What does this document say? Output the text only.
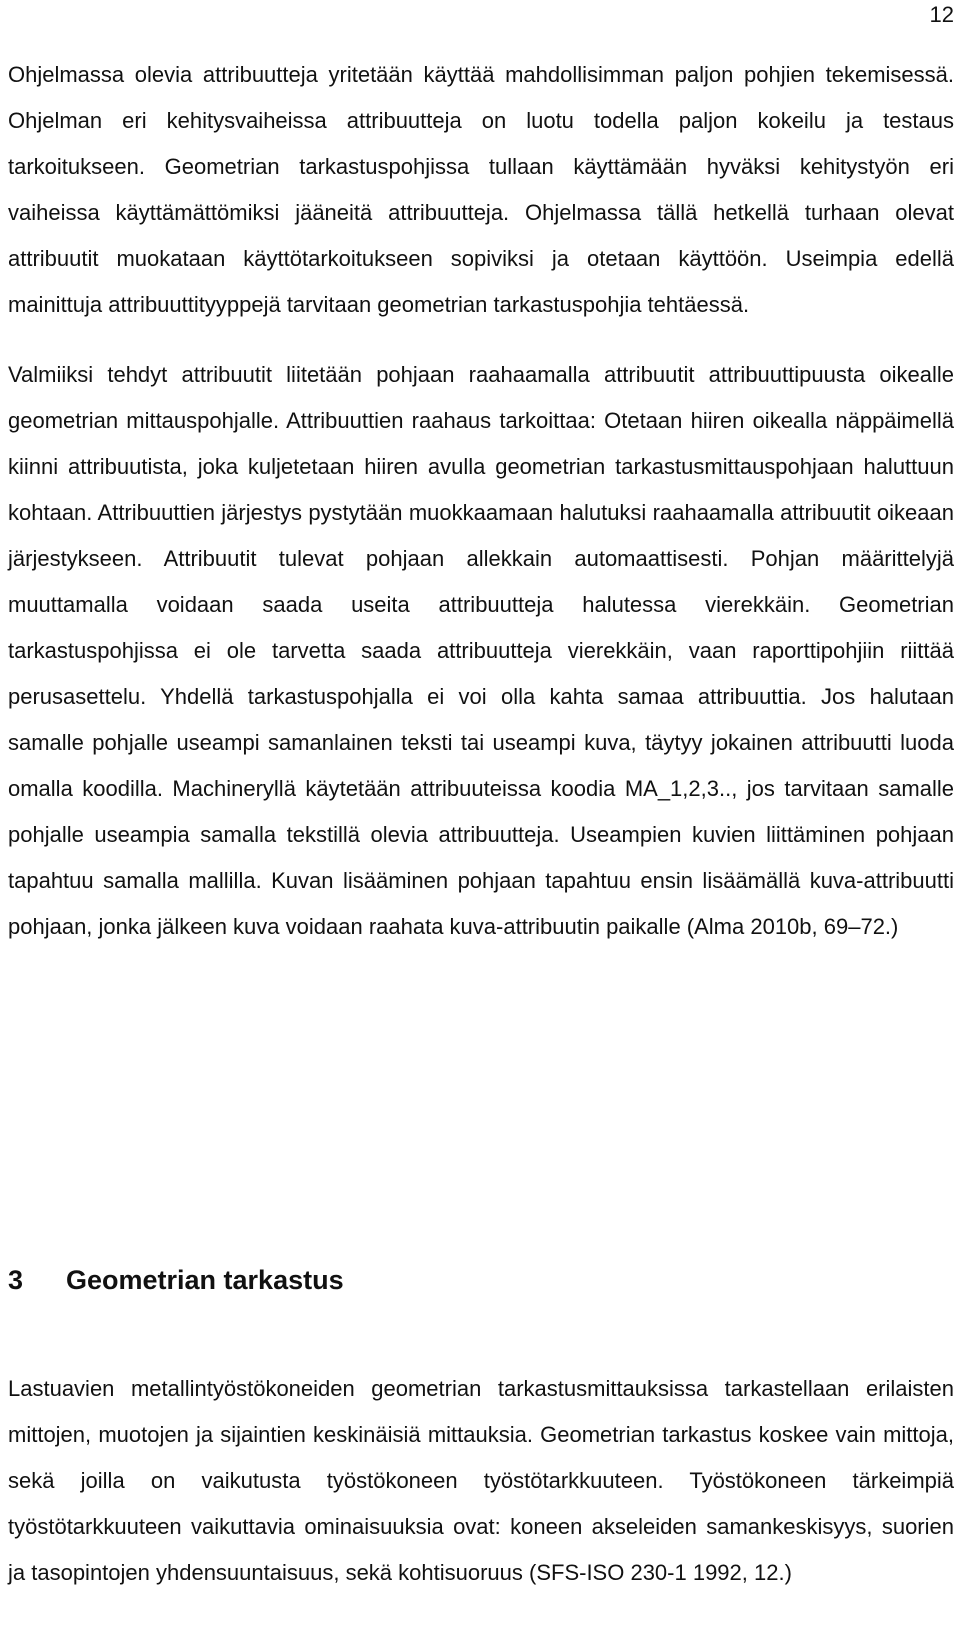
12

Ohjelmassa olevia attribuutteja yritetään käyttää mahdollisimman paljon pohjien tekemisessä. Ohjelman eri kehitysvaiheissa attribuutteja on luotu todella paljon kokeilu ja testaus tarkoitukseen. Geometrian tarkastuspohjissa tullaan käyttämään hyväksi kehitystyön eri vaiheissa käyttämättömiksi jääneitä attribuutteja. Ohjelmassa tällä hetkellä turhaan olevat attribuutit muokataan käyttötarkoitukseen sopiviksi ja otetaan käyttöön. Useimpia edellä mainittuja attribuuttityyppejä tarvitaan geometrian tarkastuspohjia tehtäessä.

Valmiiksi tehdyt attribuutit liitetään pohjaan raahaamalla attribuutit attribuuttipuusta oikealle geometrian mittauspohjalle. Attribuuttien raahaus tarkoittaa: Otetaan hiiren oikealla näppäimellä kiinni attribuutista, joka kuljetetaan hiiren avulla geometrian tarkastusmittauspohjaan haluttuun kohtaan. Attribuuttien järjestys pystytään muokkaamaan halutuksi raahaamalla attribuutit oikeaan järjestykseen. Attribuutit tulevat pohjaan allekkain automaattisesti. Pohjan määrittelyjä muuttamalla voidaan saada useita attribuutteja halutessa vierekkäin. Geometrian tarkastuspohjissa ei ole tarvetta saada attribuutteja vierekkäin, vaan raporttipohjiin riittää perusasettelu. Yhdellä tarkastuspohjalla ei voi olla kahta samaa attribuuttia. Jos halutaan samalle pohjalle useampi samanlainen teksti tai useampi kuva, täytyy jokainen attribuutti luoda omalla koodilla. Machineryllä käytetään attribuuteissa koodia MA_1,2,3.., jos tarvitaan samalle pohjalle useampia samalla tekstillä olevia attribuutteja. Useampien kuvien liittäminen pohjaan tapahtuu samalla mallilla. Kuvan lisääminen pohjaan tapahtuu ensin lisäämällä kuva-attribuutti pohjaan, jonka jälkeen kuva voidaan raahata kuva-attribuutin paikalle (Alma 2010b, 69–72.)

3	Geometrian tarkastus

Lastuavien metallintyöstökoneiden geometrian tarkastusmittauksissa tarkastellaan erilaisten mittojen, muotojen ja sijaintien keskinäisiä mittauksia. Geometrian tarkastus koskee vain mittoja, sekä joilla on vaikutusta työstökoneen työstötarkkuuteen. Työstökoneen tärkeimpiä työstötarkkuuteen vaikuttavia ominaisuuksia ovat: koneen akseleiden samankeskisyys, suorien ja tasopintojen yhdensuuntaisuus, sekä kohtisuoruus (SFS-ISO 230-1 1992, 12.)
